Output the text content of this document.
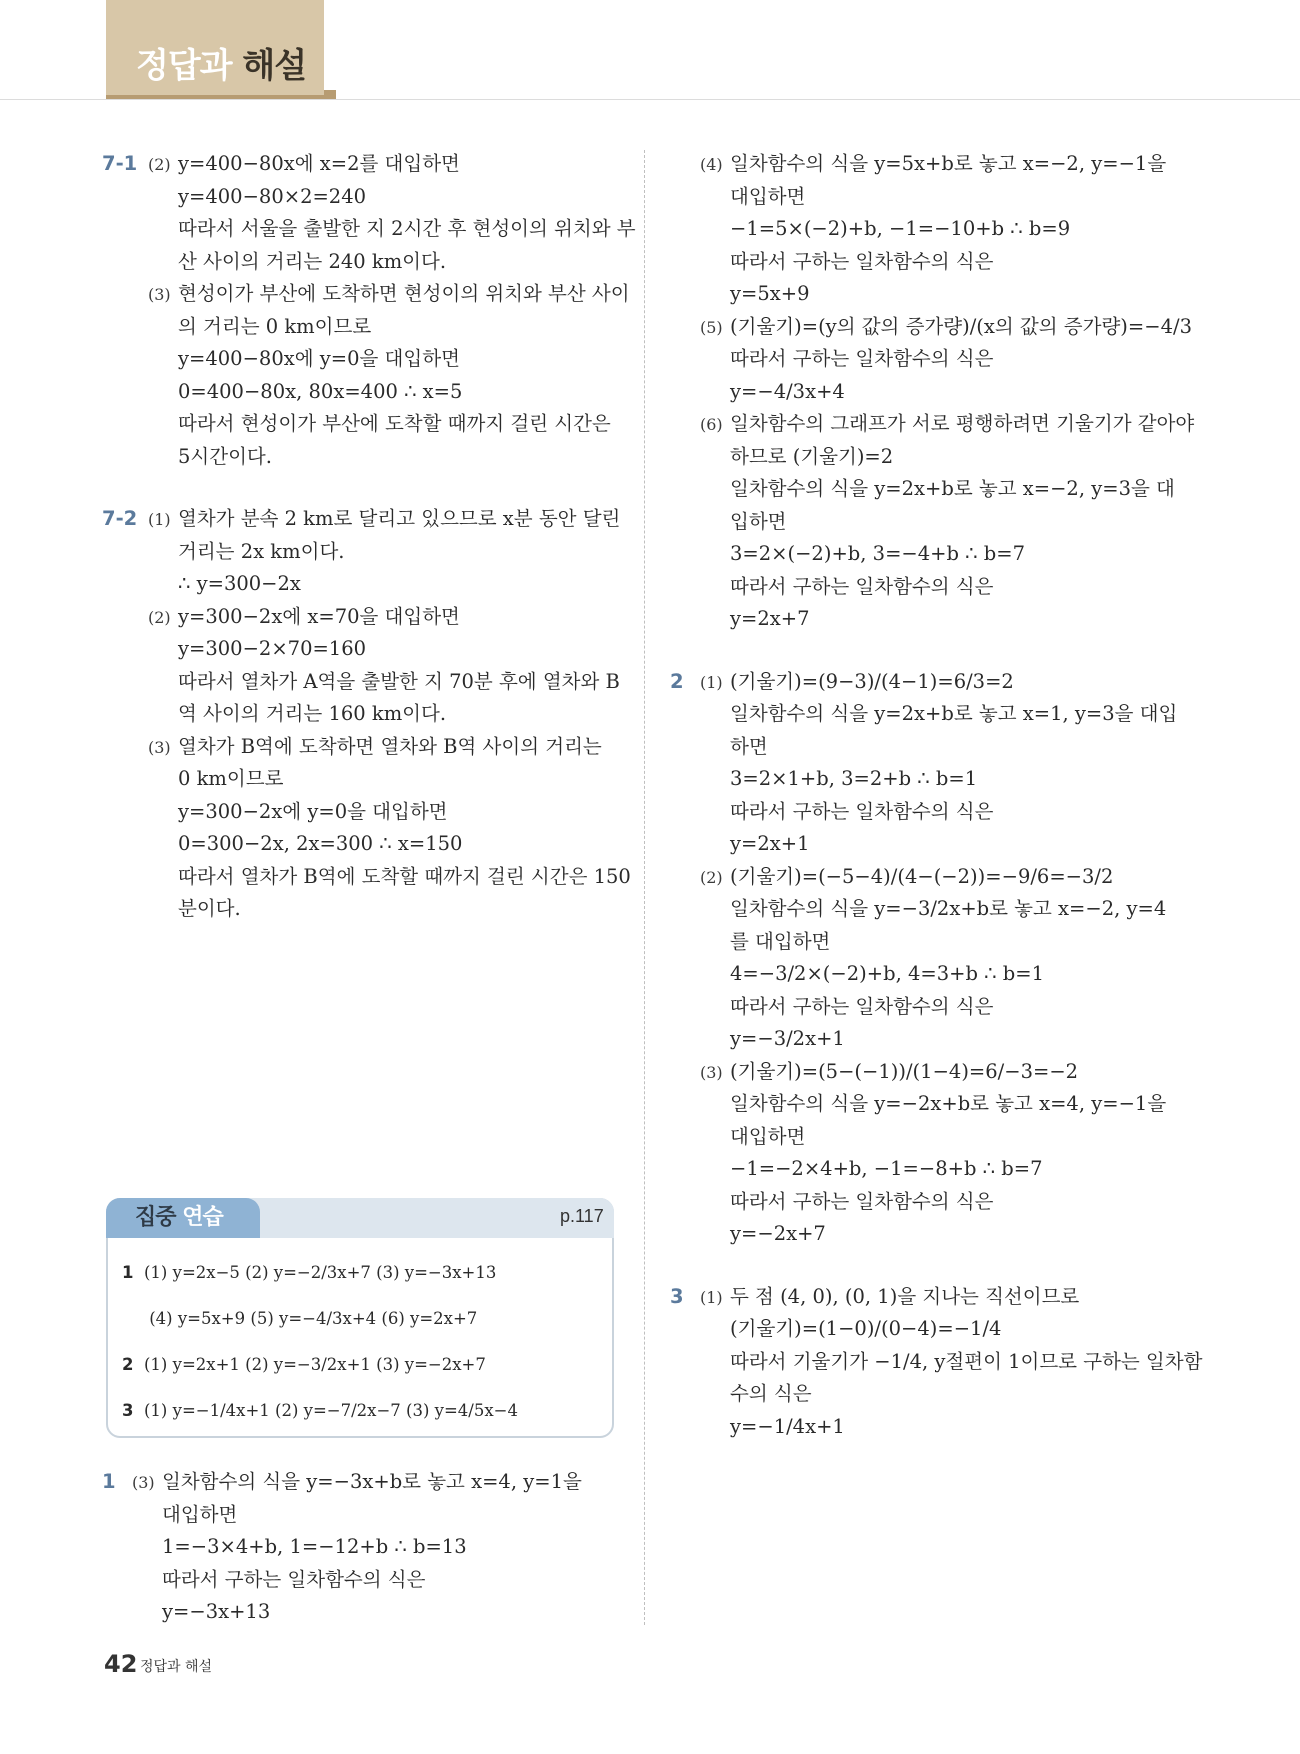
정답과 해설
7-1 (2) y=400−80x에 x=2를 대입하면
y=400−80×2=240
따라서 서울을 출발한 지 2시간 후 현성이의 위치와 부
산 사이의 거리는 240 km이다.
(3) 현성이가 부산에 도착하면 현성이의 위치와 부산 사이
의 거리는 0 km이므로
y=400−80x에 y=0을 대입하면
0=400−80x, 80x=400 ∴ x=5
따라서 현성이가 부산에 도착할 때까지 걸린 시간은
5시간이다.
7-2 (1) 열차가 분속 2 km로 달리고 있으므로 x분 동안 달린
거리는 2x km이다.
∴ y=300−2x
(2) y=300−2x에 x=70을 대입하면
y=300−2×70=160
따라서 열차가 A역을 출발한 지 70분 후에 열차와 B
역 사이의 거리는 160 km이다.
(3) 열차가 B역에 도착하면 열차와 B역 사이의 거리는
0 km이므로
y=300−2x에 y=0을 대입하면
0=300−2x, 2x=300 ∴ x=150
따라서 열차가 B역에 도착할 때까지 걸린 시간은 150
분이다.
집중 연습	p.117
1 (1) y=2x−5 (2) y=−2/3x+7 (3) y=−3x+13
(4) y=5x+9 (5) y=−4/3x+4 (6) y=2x+7
2 (1) y=2x+1 (2) y=−3/2x+1 (3) y=−2x+7
3 (1) y=−1/4x+1 (2) y=−7/2x−7 (3) y=4/5x−4
1 (3) 일차함수의 식을 y=−3x+b로 놓고 x=4, y=1을
대입하면
1=−3×4+b, 1=−12+b ∴ b=13
따라서 구하는 일차함수의 식은
y=−3x+13
(4) 일차함수의 식을 y=5x+b로 놓고 x=−2, y=−1을
대입하면
−1=5×(−2)+b, −1=−10+b ∴ b=9
따라서 구하는 일차함수의 식은
y=5x+9
(5) (기울기)=(y의 값의 증가량)/(x의 값의 증가량)=−4/3
따라서 구하는 일차함수의 식은
y=−4/3x+4
(6) 일차함수의 그래프가 서로 평행하려면 기울기가 같아야
하므로 (기울기)=2
일차함수의 식을 y=2x+b로 놓고 x=−2, y=3을 대
입하면
3=2×(−2)+b, 3=−4+b ∴ b=7
따라서 구하는 일차함수의 식은
y=2x+7
2 (1) (기울기)=(9−3)/(4−1)=6/3=2
일차함수의 식을 y=2x+b로 놓고 x=1, y=3을 대입
하면
3=2×1+b, 3=2+b ∴ b=1
따라서 구하는 일차함수의 식은
y=2x+1
(2) (기울기)=(−5−4)/(4−(−2))=−9/6=−3/2
일차함수의 식을 y=−3/2x+b로 놓고 x=−2, y=4
를 대입하면
4=−3/2×(−2)+b, 4=3+b ∴ b=1
따라서 구하는 일차함수의 식은
y=−3/2x+1
(3) (기울기)=(5−(−1))/(1−4)=6/−3=−2
일차함수의 식을 y=−2x+b로 놓고 x=4, y=−1을
대입하면
−1=−2×4+b, −1=−8+b ∴ b=7
따라서 구하는 일차함수의 식은
y=−2x+7
3 (1) 두 점 (4, 0), (0, 1)을 지나는 직선이므로
(기울기)=(1−0)/(0−4)=−1/4
따라서 기울기가 −1/4, y절편이 1이므로 구하는 일차함
수의 식은
y=−1/4x+1
42 정답과 해설
